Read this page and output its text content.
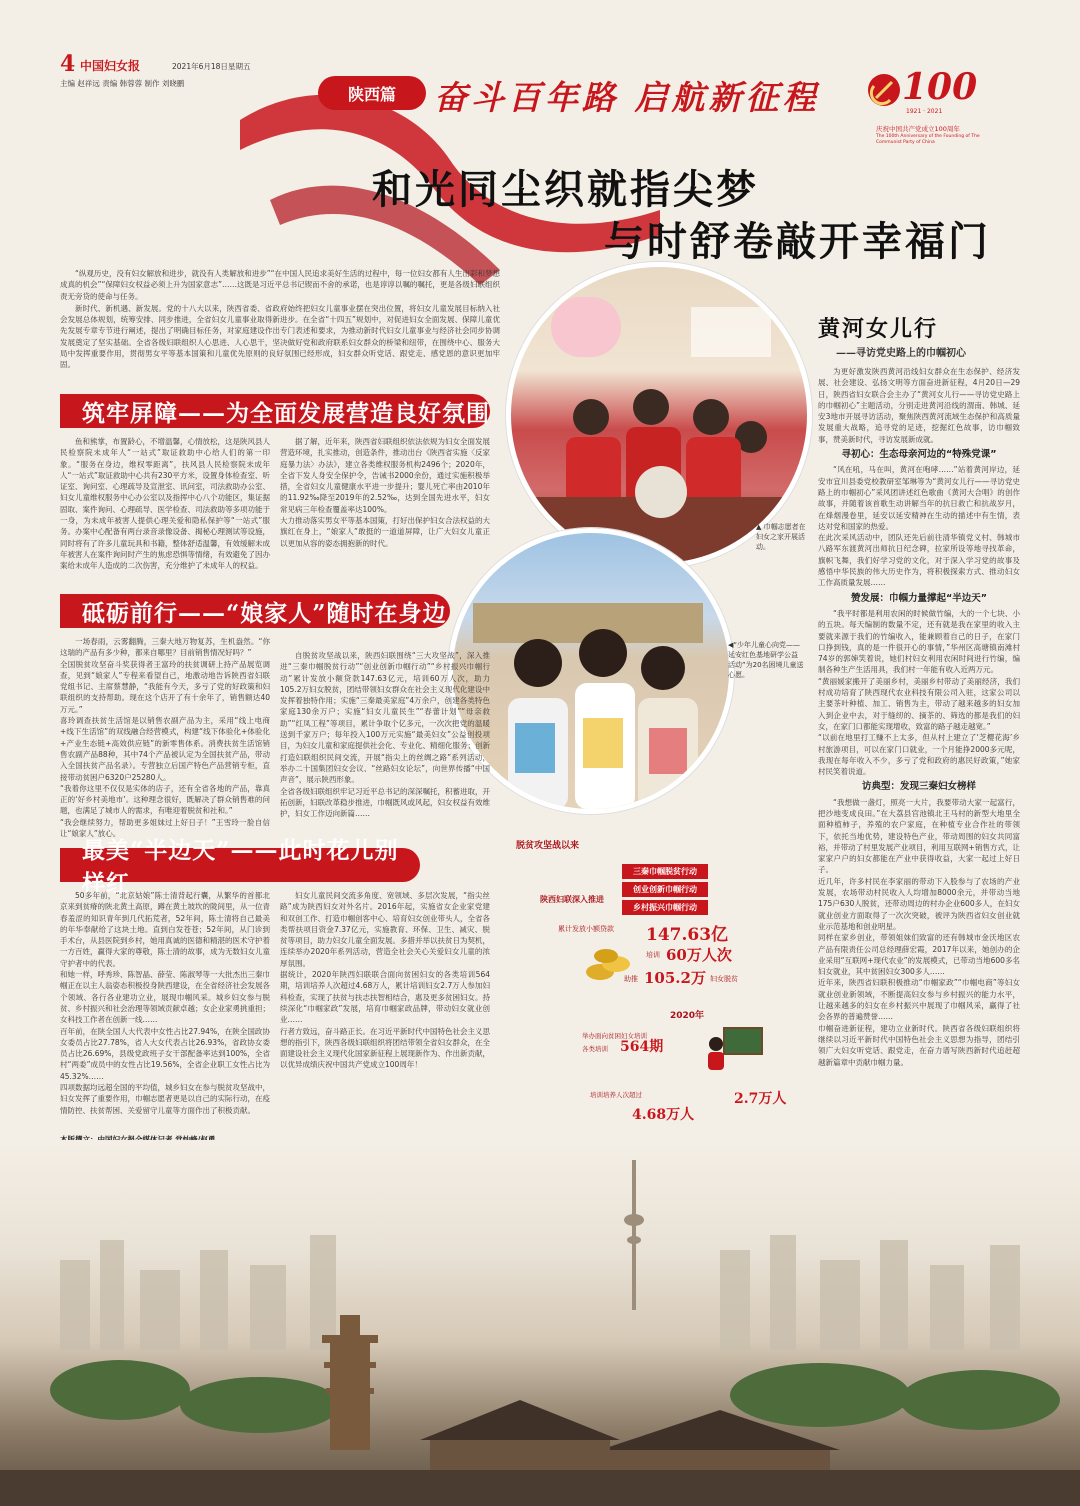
4 中国妇女报	2021年6月18日 星期五
主编 赵祥远 责编 韩蓉蓉 制作 刘晓鹏
陕西篇 奋斗百年路 启航新征程 100
1921 · 2021
庆祝中国共产党成立100周年
The 100th Anniversary of the Founding of The Communist Party of China
和光同尘织就指尖梦
与时舒卷敲开幸福门

“纵观历史，没有妇女解放和进步，就没有人类解放和进步”“在中国人民追求美好生活的过程中，每一位妇女都有人生出彩和梦想成真的机会”“保障妇女权益必须上升为国家意志”……这既是习近平总书记锲而不舍的承诺，也是谆谆以嘱的嘱托，更是各级妇联组织责无旁贷的使命与任务。

新时代、新机遇、新发展。党的十八大以来，陕西省委、省政府始终把妇女儿童事业摆在突出位置，将妇女儿童发展目标纳入社会发展总体规划，统筹安排、同步推进，全省妇女儿童事业取得新进步。在全省“十四五”规划中，对促进妇女全面发展、保障儿童优先发展专章专节进行阐述，提出了明确目标任务，对家庭建设作出专门表述和要求，为推动新时代妇女儿童事业与经济社会同步协调发展奠定了坚实基础。全省各级妇联组织人心思进、人心思干，坚决做好党和政府联系妇女群众的桥梁和纽带，在围绕中心、服务大局中发挥重要作用，贯彻男女平等基本国策和儿童优先原则的良好氛围已经形成，妇女群众听党话、跟党走、感党恩的意识更加牢固。

▲ 巾帼志愿者在妇女之家开展活动。
◀“少年儿童心向党——延安红色基地研学公益活动”为20名困境儿童送心愿。
筑牢屏障——为全面发展营造良好氛围

鱼和熊掌，布置龄心，不增温馨，心情放松，这是陕风县人民检察院未成年人“一站式”取证救助中心给人们的第一印象。“服务在身边，维权零距离”，扶风县人民检察院未成年人“一站式”取证救助中心共有230平方米，设置身体检查室、听证室、询问室、心理疏导及宣泄室、讯问室，司法救助办公室、妇女儿童维权服务中心办公室以及指挥中心八个功能区，集证据固取、案件询问、心理疏导、医学检查、司法救助等多项功能于一身，为未成年被害人提供心理关爱和隐私保护等“一站式”服务。办案中心配备有两台录音录像设备、揭秘心理测试等设施，同时将有了许多儿童玩具和书籍，整体舒适温馨，有效缓解未成年被害人在案件询问时产生的焦虑恐惧等情绪，有效避免了因办案给未成年人造成的二次伤害，充分维护了未成年人的权益。

据了解，近年来，陕西省妇联组织依法依规为妇女全面发展营造环境，扎实推动，创造条件，推动出台《陕西省实施〈反家庭暴力法〉办法》，建立各类维权服务机构2496个；2020年，全省下发人身安全保护令，告诫书2000余份，通过实施积极举措，全省妇女儿童健康水平进一步提升；婴儿死亡率由2010年的11.92‰降至2019年的2.52‰，达到全国先进水平，妇女常见病三年检查覆盖率达100%。
大力推动落实男女平等基本国策，打好出保护妇女合法权益的大旗红在身上，“娘家人”敢挺的一道道屏障，让广大妇女儿童正以更加从容的姿态拥抱新的时代。

砥砺前行——“娘家人”随时在身边

一场春雨，云雾翻腾，三秦大地万物复苏，生机盎然。“你这瑞的产品有多少种，都来自哪里？目前销售情况好吗？”
全国脱贫攻坚奋斗奖获得者王富玲的扶贫调研上持产品展览调查，见到“娘家人”专程来看望自己，地激动地告诉陕西省妇联党组书记、主席蔡慧静，“我能有今天，多亏了党的好政策和妇联组织的支持帮助。现在这个店开了有十余年了，销售额达40万元。”
喜玲调查扶贫生活馆是以销售农副产品为主，采用“线上电商+线下生活馆”的双线融合经营模式，构建“线下体验化+体验化+产业生态链+高效供应链”的新零售体系。消费扶贫生活馆销售农副产品88种，其中74个产品被认定为全国扶贫产品，带动入全国扶贫产品名录）。专营独立后国产特色产品营销专柜，直接带动贫困户6320户25280人。
“我着你这里不仅仅是实体的店子，还有全省各地的产品，靠真正的‘好乡村美地市’。这种理念很好，既解决了群众销售难的问题，也满足了城市人的需求，有唯迎着脱贫和社和。”
“我会继续努力，帮助更多姐妹过上好日子！”王雪玲一脸自信让“娘家人”放心。

自脱贫攻坚战以来，陕西妇联围绕“三大攻坚战”，深入推进“三秦巾帼脱贫行动”“创业创新巾帼行动”“乡村振兴巾帼行动”累计发放小额贷款147.63亿元，培训60万人次，助力105.2万妇女脱贫，团结带领妇女群众在社会主义现代化建设中发挥着独特作用；实施“三秦最美家庭”4万余户，创建各类特色家庭130余万户；实施“妇女儿童民生”“春蕾计划”“母亲救助”“红凤工程”等项目，累计争取个亿多元，一次次把党的温暖送到千家万户；每年投入100万元实施“最美妇女”公益创投项目，为妇女儿童和家庭提供社会化、专业化、精细化服务；创新打造妇联组织民间交流，开展“指尖上的丝绸之路”系列活动，举办二十国集团妇女会议、“丝路妇女论坛”，向世界传播“中国声音”，展示陕西形象。
全省各级妇联组织牢记习近平总书记的深深嘱托，积蓄进取，开拓创新，妇联改革稳步推进，巾帼既风或风起，妇女权益有效维护，妇女工作迈向新篇……

最美“半边天”——此时花儿别样红

50多年前，“北京姑娘”陈士清背起行囊，从繁华的首都北京来到贫瘠的陕北黄土高原，蹲在黄土坡坎的陇间里，从一位青春羞涩的知识青年到几代拓荒者，52年间，陈士清将自己最美的年华奉献给了这块土地。直到白发苍苍；52年间，从门诊到手术台，从县医院到乡村，她用真诚的医德和精湛的医术守护着一方百姓，赢得大家的尊敬，陈士清的故事，成为无数妇女儿童守护者中的代表。
和她一样，呼秀珍、陈智晶、薛莹、陈淑琴等一大批杰出三秦巾帼正在以主人翁姿态积极投身陕西建设，在全省经济社会发展各个领域、各行各业建功立业，展现巾帼风采。城乡妇女参与脱贫、乡村振兴和社会治理等领域贡献卓越；女企业家勇挑重担；女科技工作者在创新一线……
百年前，在陕全国人大代表中女性占比27.94%，在陕全国政协女委员占比27.78%，省人大女代表占比26.93%，省政协女委员占比26.69%，县级党政班子女干部配备率达到100%，全省村“两委”成员中的女性占比19.56%，全省企业职工女性占比为45.32%……
四项数据均远超全国的平均值，城乡妇女在参与脱贫攻坚战中，妇女发挥了重要作用，巾帼志愿者更是以自己的实际行动，在疫情防控、扶贫帮困、关爱留守儿童等方面作出了积极贡献。

妇女儿童民间交流多角度、宽领域、多层次发展，“指尖丝路”成为陕西妇女对外名片。2016年起，实施省女企业家党建和双创工作、打造巾帼创客中心、培育妇女创业带头人，全省各类帮扶项目资金7.37亿元，实施教育、环保、卫生、减灾、脱贫等项目，助力妇女儿童全面发展。多措并举以扶贫日为契机，连续举办2020年系列活动，营造全社会关心关爱妇女儿童的浓厚氛围。
据统计，2020年陕西妇联联合面向贫困妇女的各类培训564期，培训培养人次超过4.68万人，累计培训妇女2.7万人参加妇科检查，实现了扶贫与扶志扶智相结合，惠及更多贫困妇女。持续深化“巾帼家政”发展，培育巾帼家政品牌，带动妇女就业创业……
行者方致远，奋斗路正长。在习近平新时代中国特色社会主义思想的指引下，陕西各级妇联组织将团结带领全省妇女群众，在全面建设社会主义现代化国家新征程上展现新作为、作出新贡献，以优异成绩庆祝中国共产党成立100周年！

脱贫攻坚战以来
陕西妇联深入推进
三秦巾帼脱贫行动
创业创新巾帼行动
乡村振兴巾帼行动
累计发放小额贷款 147.63亿
培训 60万人次
助推 105.2万 妇女脱贫
2020年
举办面向贫困妇女培训
各类培训 564期
培训培养人次超过
4.68万人
2.7万人
黄河女儿行
——寻访党史路上的巾帼初心

为更好激发陕西黄河沿线妇女群众在生态保护、经济发展、社会建设、弘扬文明等方面奋进新征程，4月20日—29日，陕西省妇女联合会主办了“黄河女儿行——寻访党史路上的巾帼初心”主题活动，分别走进黄河沿线的渭南、韩城、延安3地市开展寻访活动，聚焦陕西黄河流域生态保护和高质量发展重大战略，追寻党的足迹，挖掘红色故事，访巾帼致事，赞美新时代，寻访发展新成就。

寻初心：生态母亲河边的“特殊党课”

“风在吼，马在叫，黄河在咆哮……”站着黄河岸边，延安市宜川县委党校教研室邹琳等为“黄河女儿行——寻访党史路上的巾帼初心”采风团讲述红色歌曲《黄河大合唱》的创作故事，并随着该首歌生动讲解当年的抗日救亡和抗战岁月，在烽烟漫卷里，延安以延安精神在生动的描述中有生情，表达对党和国家的热爱。
在此次采风活动中，团队还先后前往清华镇党义村、韩城市八路军东渡黄河出师抗日纪念碑，拉家所设等地寻找革命，旗帜飞舞，我们好学习党的文化，对于深入学习党的故事及感悟中华民族的伟大历史作为，将积极探索方式、推动妇女工作高质量发展……

赞发展：巾帼力量撑起“半边天”

“我平时都是利用农闲的时候做竹编，大的一个七块、小的五块。每天编制的数量不定，还有就是我在家里的收入主要就来源于我们的竹编收入，能兼顾着自己的日子，在家门口挣到钱，真的是一件很开心的事情，”华州区高塘镇南滩村74岁的郭婶笑着说，她们村妇女利用农闲时间进行竹编，编制各种生产生活用具，我们村一年能有收入近两万元。
“黄丽媛家搬开了美丽乡村，美丽乡村带动了美丽经济，我们村成功培育了陕西现代农业科技有限公司入驻，这家公司以主要茶叶种植、加工、销售为主，带动了越来越多的妇女加入到企业中去，对于缝纫的、摘茶的、筛选的都是我们的妇女，在家门口都能实现增收，致富的路子越走越宽。”
“以前在地里打工赚不上太多，但从村上建立了‘芝櫻花海’乡村旅游项目，可以在家门口就业，一个月能挣2000多元呢，我现在每年收入不少，多亏了党和政府的惠民好政策，”她家村民笑着说道。

访典型：发现三秦妇女榜样

“我想做一盏灯，照亮一大片，我要带动大家一起富行，把沙地变成良田。”在大荔县官池镇北王马村的新型大地里全面种植柿子，养殖的农户家庭，在种植专业合作社的带领下，依托当地优势，建设特色产业，带动周围的妇女共同富裕，并带动了村里发展产业项目，利用互联网+销售方式，让家家户户的妇女都能在产业中获得收益，大家一起过上好日子。
近几年，许多村民在李家丽的带动下入股参与了农场的产业发展，农场带动村民收入人均增加8000余元，并带动当地175户630人脱贫，还带动周边的村办企业600多人，在妇女就业创业方面取得了一次次突破，被评为陕西省妇女创业就业示范基地和创业明星。
同样在家乡创业，带领姐妹们致富的还有韩城市金沃地区农产品有限责任公司总经理薛宏霞，2017年以来，她创办的企业采用“互联网+现代农业”的发展模式，已带动当地600多名妇女就业，其中贫困妇女300多人……
近年来，陕西省妇联积极推动“巾帼家政”“巾帼电商”等妇女就业创业新领域，不断提高妇女参与乡村振兴的能力水平，让越来越多的妇女在乡村振兴中展现了巾帼风采，赢得了社会各界的普遍赞誉……
巾帼奋进新征程，建功立业新时代。陕西省各级妇联组织将继续以习近平新时代中国特色社会主义思想为指导，团结引领广大妇女听党话、跟党走，在奋力谱写陕西新时代追赶超越新篇章中贡献巾帼力量。
